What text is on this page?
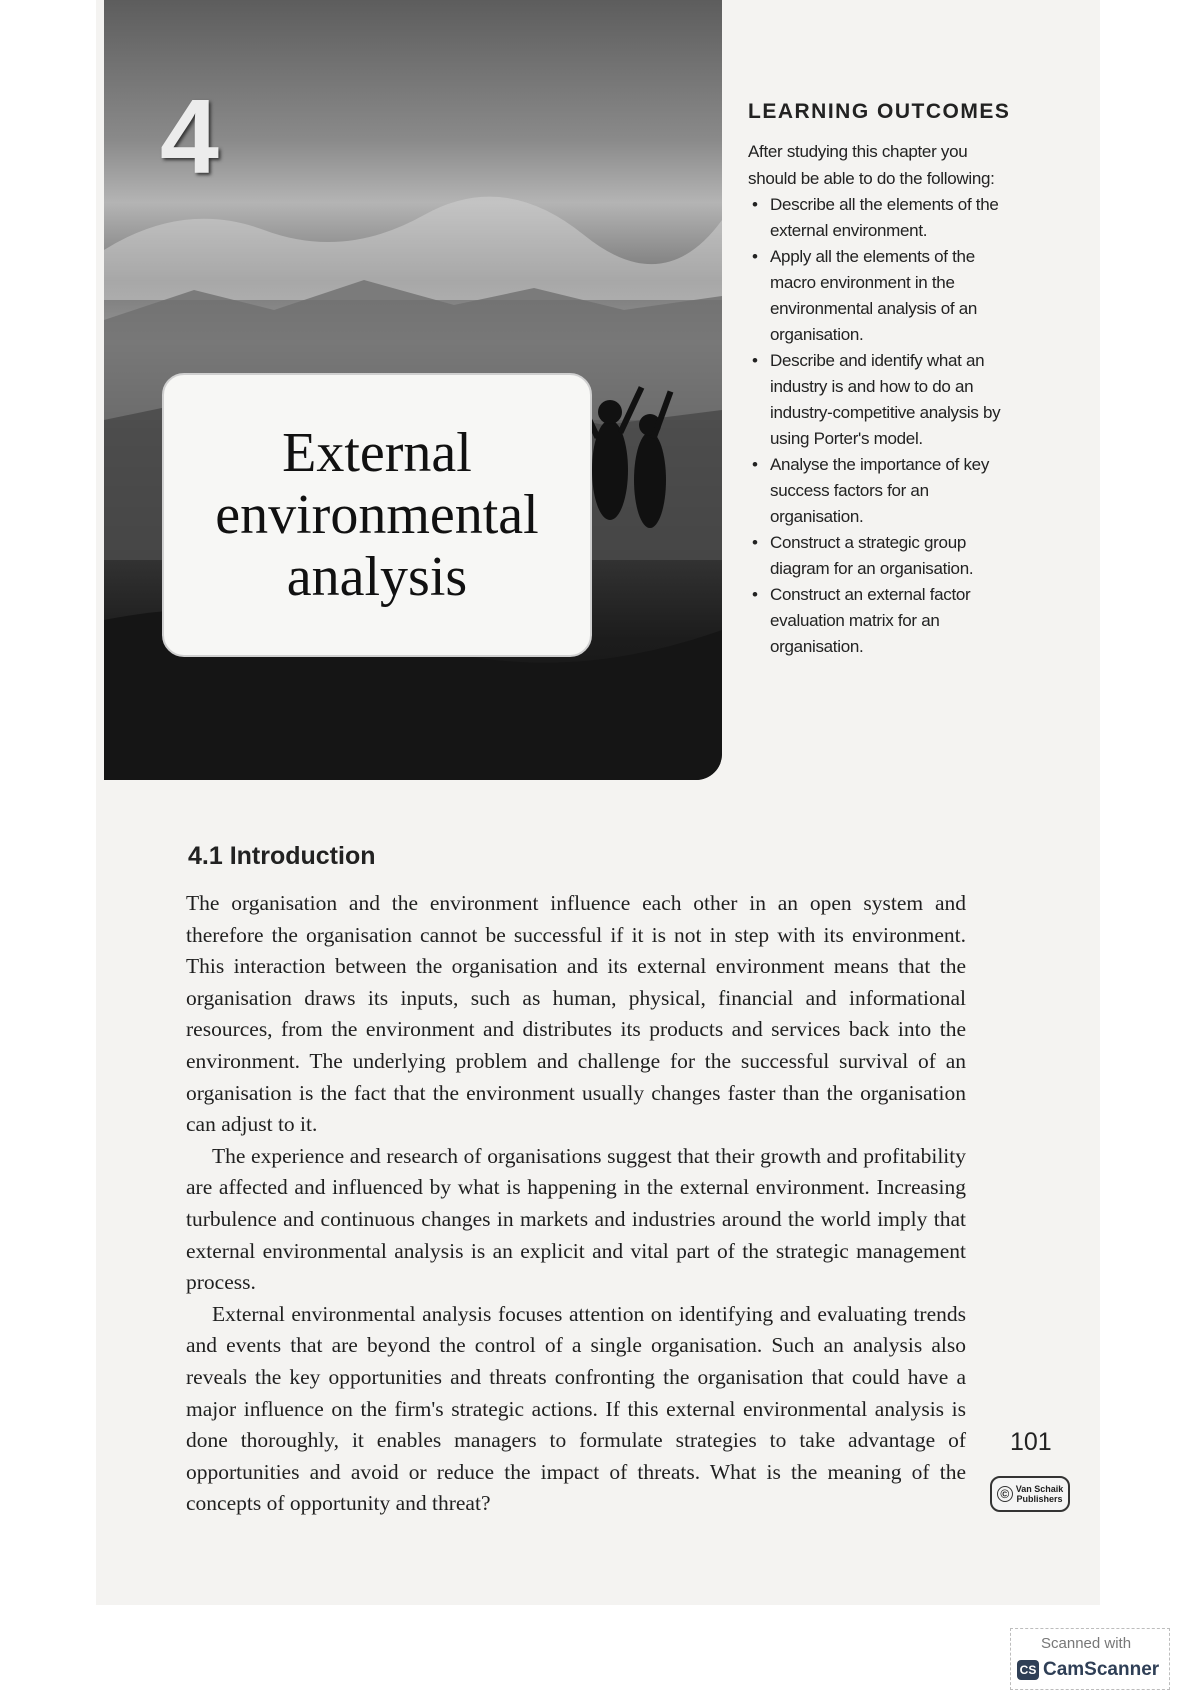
4
External
environmental
analysis
LEARNING OUTCOMES
After studying this chapter you should be able to do the following:
• Describe all the elements of the external environment.
• Apply all the elements of the macro environment in the environmental analysis of an organisation.
• Describe and identify what an industry is and how to do an industry-competitive analysis by using Porter's model.
• Analyse the importance of key success factors for an organisation.
• Construct a strategic group diagram for an organisation.
• Construct an external factor evaluation matrix for an organisation.
4.1 Introduction

The organisation and the environment influence each other in an open system and therefore the organisation cannot be successful if it is not in step with its environment. This interaction between the organisation and its external environment means that the organisation draws its inputs, such as human, physical, financial and informational resources, from the environment and distributes its products and services back into the environment. The underlying problem and challenge for the successful survival of an organisation is the fact that the environment usually changes faster than the organisation can adjust to it.

The experience and research of organisations suggest that their growth and profitability are affected and influenced by what is happening in the external environment. Increasing turbulence and continuous changes in markets and industries around the world imply that external environmental analysis is an explicit and vital part of the strategic management process.

External environmental analysis focuses attention on identifying and evaluating trends and events that are beyond the control of a single organisation. Such an analysis also reveals the key opportunities and threats confronting the organisation that could have a major influence on the firm's strategic actions. If this external environmental analysis is done thoroughly, it enables managers to formulate strategies to take advantage of opportunities and avoid or reduce the impact of threats. What is the meaning of the concepts of opportunity and threat?

101
© Van Schaik
Publishers
Scanned with
CS CamScanner
